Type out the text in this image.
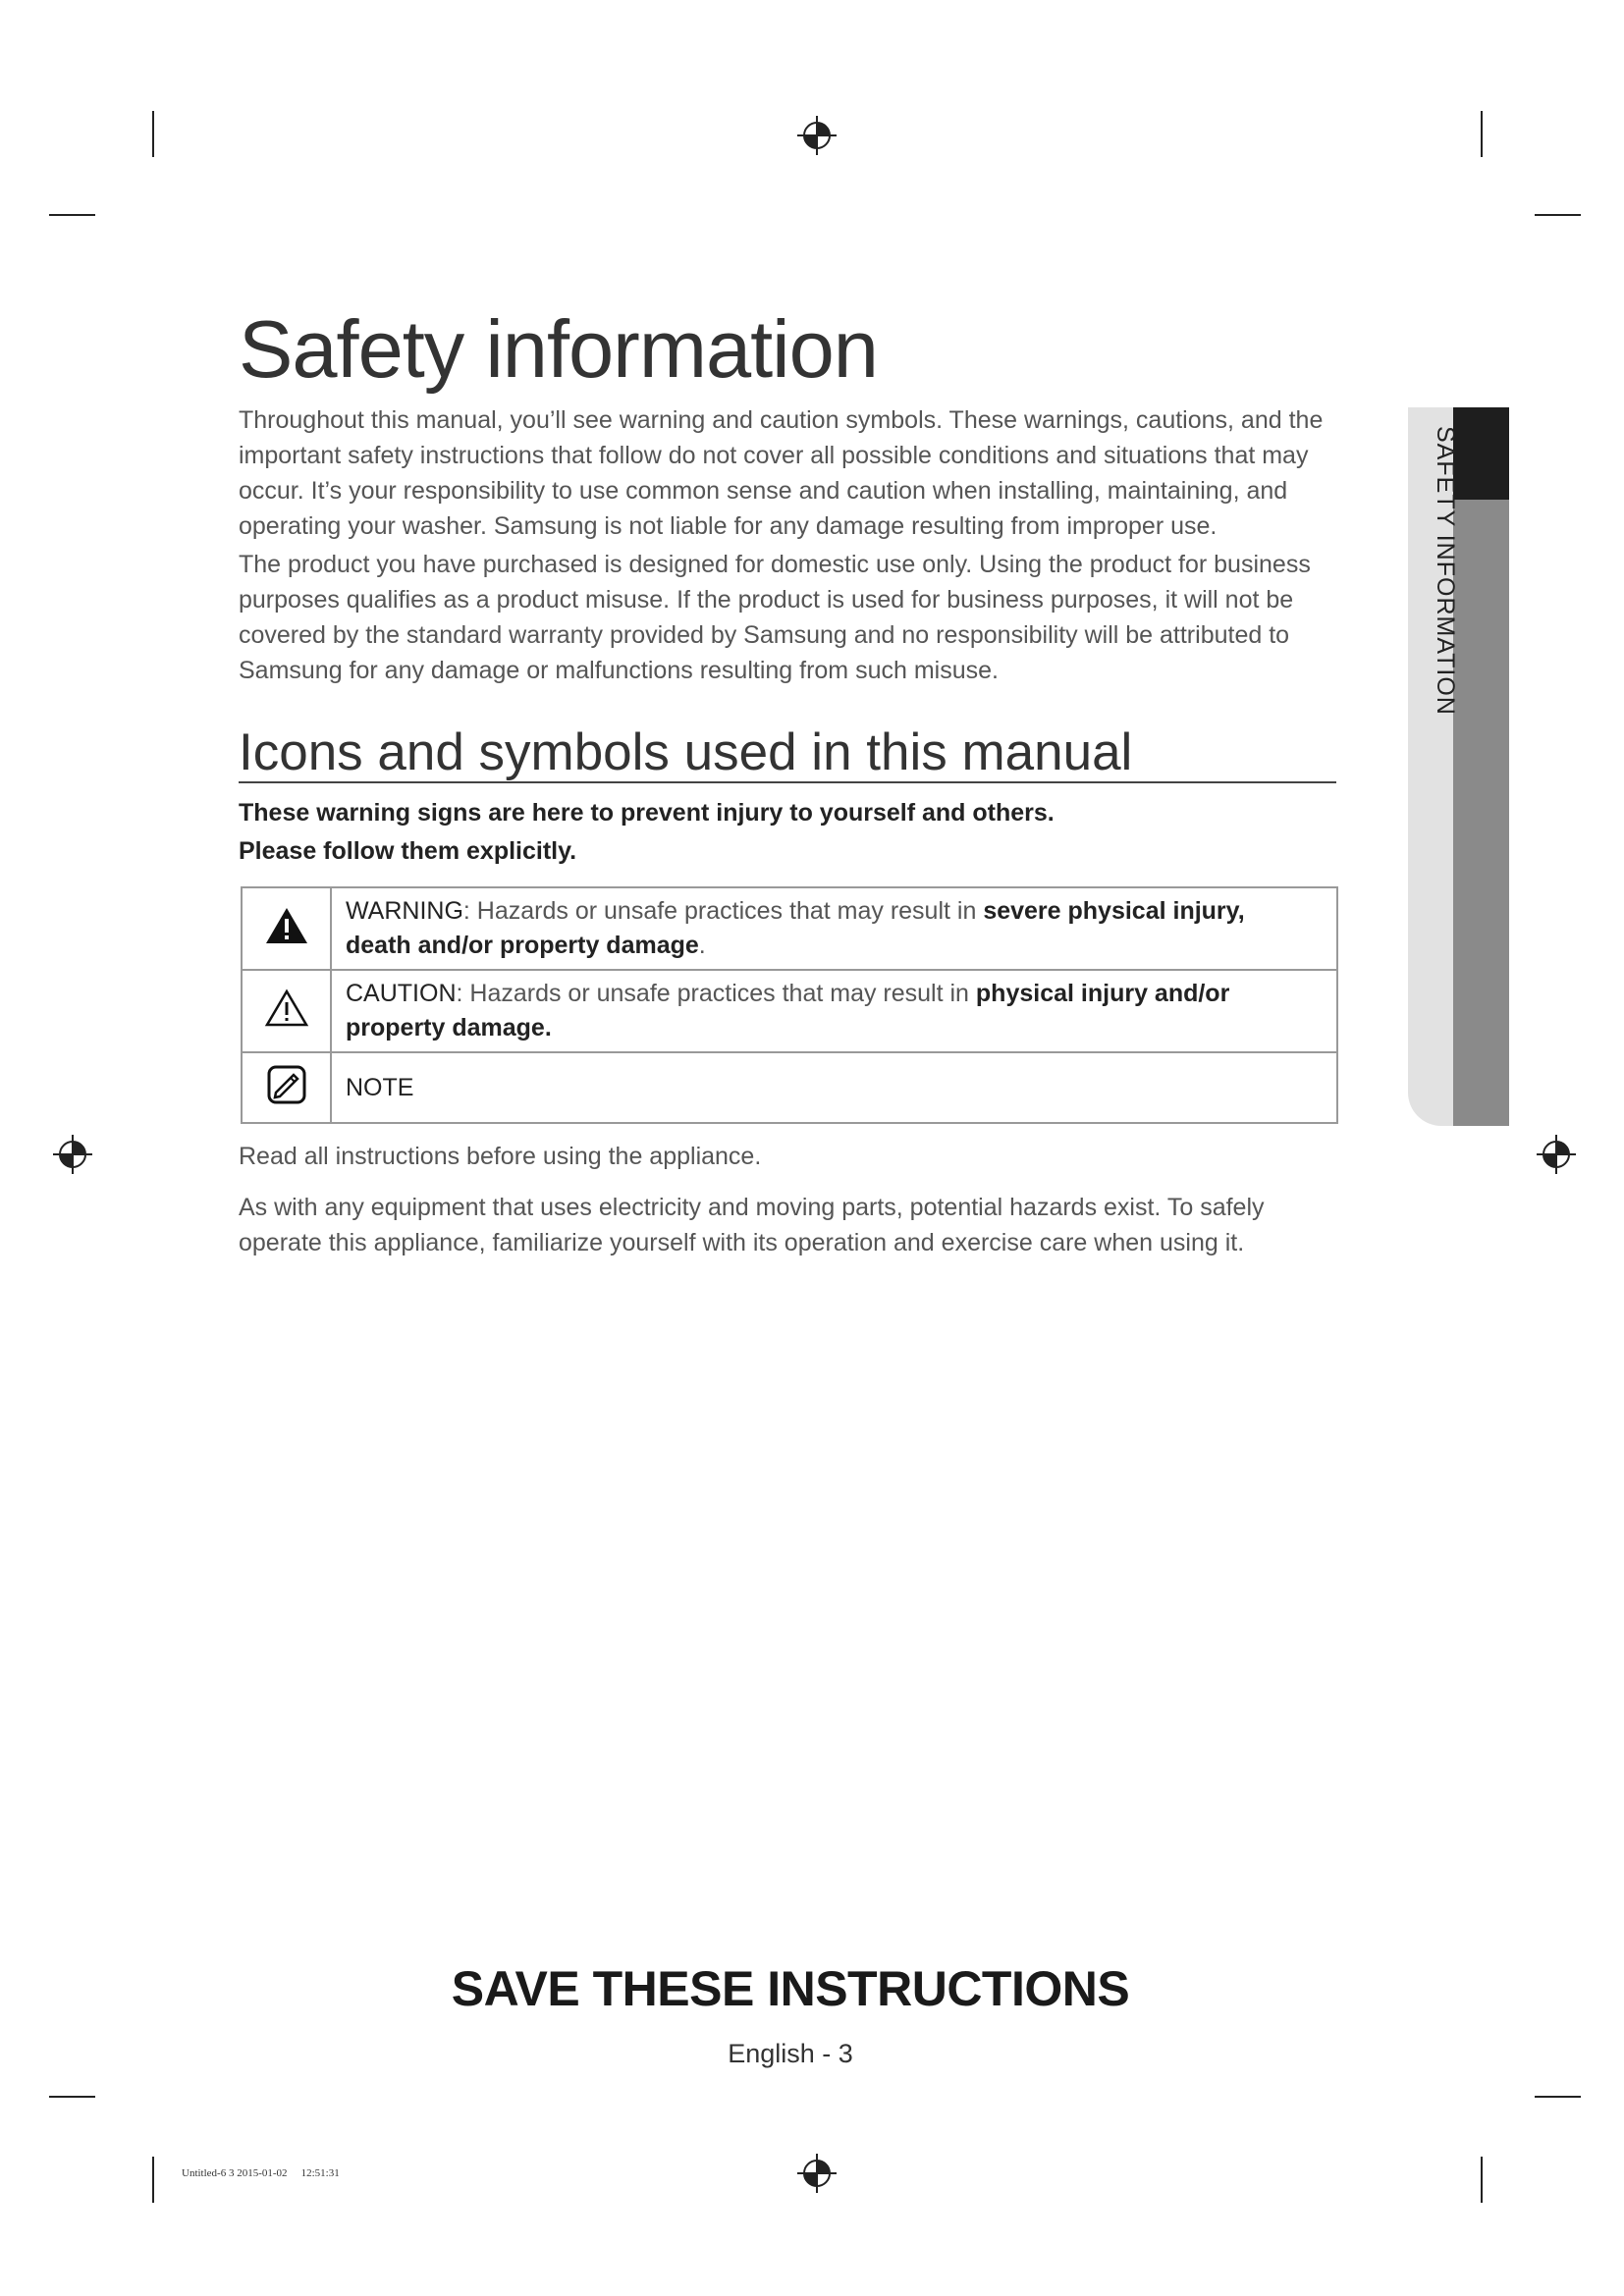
SAFETY INFORMATION
Safety information

Throughout this manual, you’ll see warning and caution symbols. These warnings, cautions, and the important safety instructions that follow do not cover all possible conditions and situations that may occur. It’s your responsibility to use common sense and caution when installing, maintaining, and operating your washer. Samsung is not liable for any damage resulting from improper use.

The product you have purchased is designed for domestic use only. Using the product for business purposes qualifies as a product misuse. If the product is used for business purposes, it will not be covered by the standard warranty provided by Samsung and no responsibility will be attributed to Samsung for any damage or malfunctions resulting from such misuse.

Icons and symbols used in this manual

These warning signs are here to prevent injury to yourself and others.

Please follow them explicitly.

	WARNING: Hazards or unsafe practices that may result in severe physical injury,
death and/or property damage.
	CAUTION: Hazards or unsafe practices that may result in physical injury and/or
property damage.
	NOTE

Read all instructions before using the appliance.

As with any equipment that uses electricity and moving parts, potential hazards exist. To safely operate this appliance, familiarize yourself with its operation and exercise care when using it.

SAVE THESE INSTRUCTIONS

English - 3
Untitled-6 3 2015-01-02   12:51:31
